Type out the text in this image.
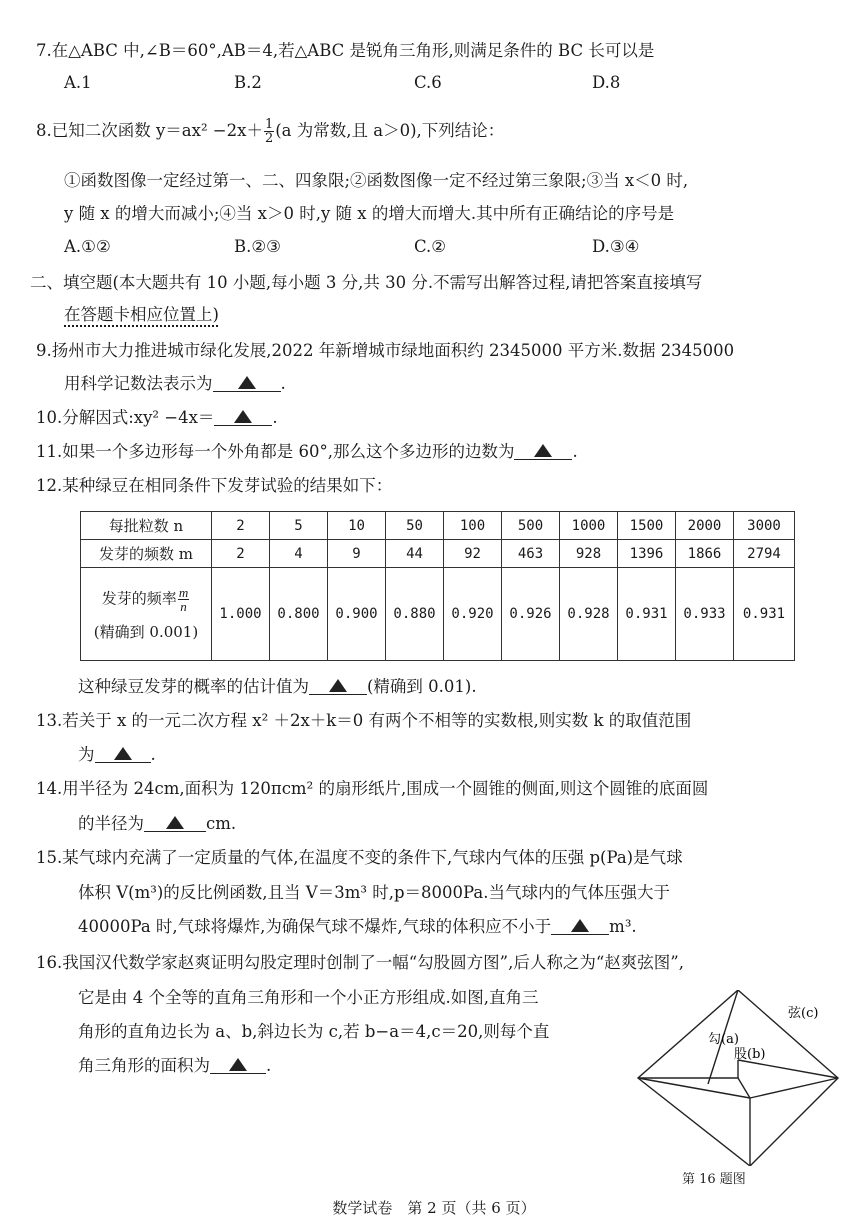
7.在△ABC 中,∠B＝60°,AB＝4,若△ABC 是锐角三角形,则满足条件的 BC 长可以是
A.1	B.2	C.6	D.8
8.已知二次函数 $y=ax^2 -2x+ \frac{1}{2} (a$ 为常数,且 a＞0),下列结论：
①函数图像一定经过第一、二、四象限;②函数图像一定不经过第三象限;③当 x＜0 时,
y 随 x 的增大而减小;④当 x＞0 时,y 随 x 的增大而增大.其中所有正确结论的序号是
A.①②	B.②③	C.②	D.③④
二、填空题(本大题共有 10 小题,每小题 3 分,共 30 分.不需写出解答过程,请把答案直接填写
在答题卡相应位置上)
9.扬州市大力推进城市绿化发展,2022 年新增城市绿地面积约 2345000 平方米.数据 2345000
用科学记数法表示为	.
10.分解因式:xy² −4x＝	.
11.如果一个多边形每一个外角都是 60°,那么这个多边形的边数为	.
12.某种绿豆在相同条件下发芽试验的结果如下：
每批粒数 n	2	5	10	50	100	500	1000	1500	2000	3000
发芽的频数 m	2	4	9	44	92	463	928	1396	1866	2794

发芽的频率 $\frac{m}{n}$
(精确到 0.001)	1.000	0.800	0.900	0.880	0.920	0.926	0.928	0.931	0.933	0.931
这种绿豆发芽的概率的估计值为	(精确到 0.01).
13.若关于 x 的一元二次方程 x² ＋2x＋k＝0 有两个不相等的实数根,则实数 k 的取值范围
为	.
14.用半径为 24cm,面积为 120πcm² 的扇形纸片,围成一个圆锥的侧面,则这个圆锥的底面圆
的半径为	cm.
15.某气球内充满了一定质量的气体,在温度不变的条件下,气球内气体的压强 p(Pa)是气球
体积 V(m³)的反比例函数,且当 V＝3m³ 时,p＝8000Pa.当气球内的气体压强大于
40000Pa 时,气球将爆炸,为确保气球不爆炸,气球的体积应不小于	m³.
16.我国汉代数学家赵爽证明勾股定理时创制了一幅“勾股圆方图”,后人称之为“赵爽弦图”,
它是由 4 个全等的直角三角形和一个小正方形组成.如图,直角三
角形的直角边长为 a、b,斜边长为 c,若 b−a＝4,c＝20,则每个直
角三角形的面积为	.
弦(c)
勾(a)
股(b)
第 16 题图
数学试卷　第 2 页（共 6 页）
